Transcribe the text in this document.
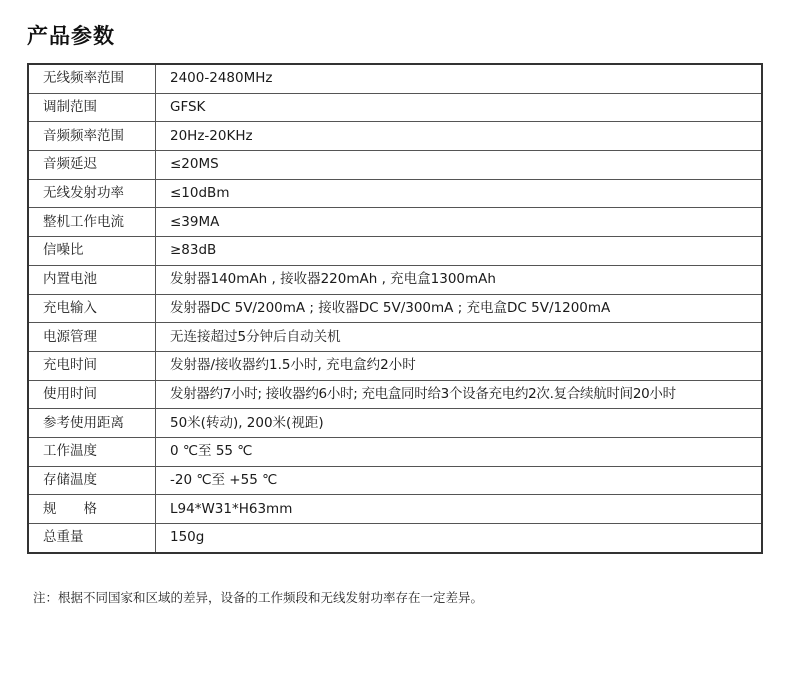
产品参数
无线频率范围	2400-2480MHz
调制范围	GFSK
音频频率范围	20Hz-20KHz
音频延迟	≤20MS
无线发射功率	≤10dBm
整机工作电流	≤39MA
信噪比	≥83dB
内置电池	发射器140mAh , 接收器220mAh , 充电盒1300mAh
充电输入	发射器DC 5V/200mA ; 接收器DC 5V/300mA ; 充电盒DC 5V/1200mA
电源管理	无连接超过5分钟后自动关机
充电时间	发射器/接收器约1.5小时, 充电盒约2小时
使用时间	发射器约7小时; 接收器约6小时; 充电盒同时给3个设备充电约2次.复合续航时间20小时
参考使用距离	50米(转动), 200米(视距)
工作温度	0 ℃至 55 ℃
存储温度	-20 ℃至 +55 ℃
规　　格	L94*W31*H63mm
总重量	150g
注：根据不同国家和区域的差异，设备的工作频段和无线发射功率存在一定差异。
